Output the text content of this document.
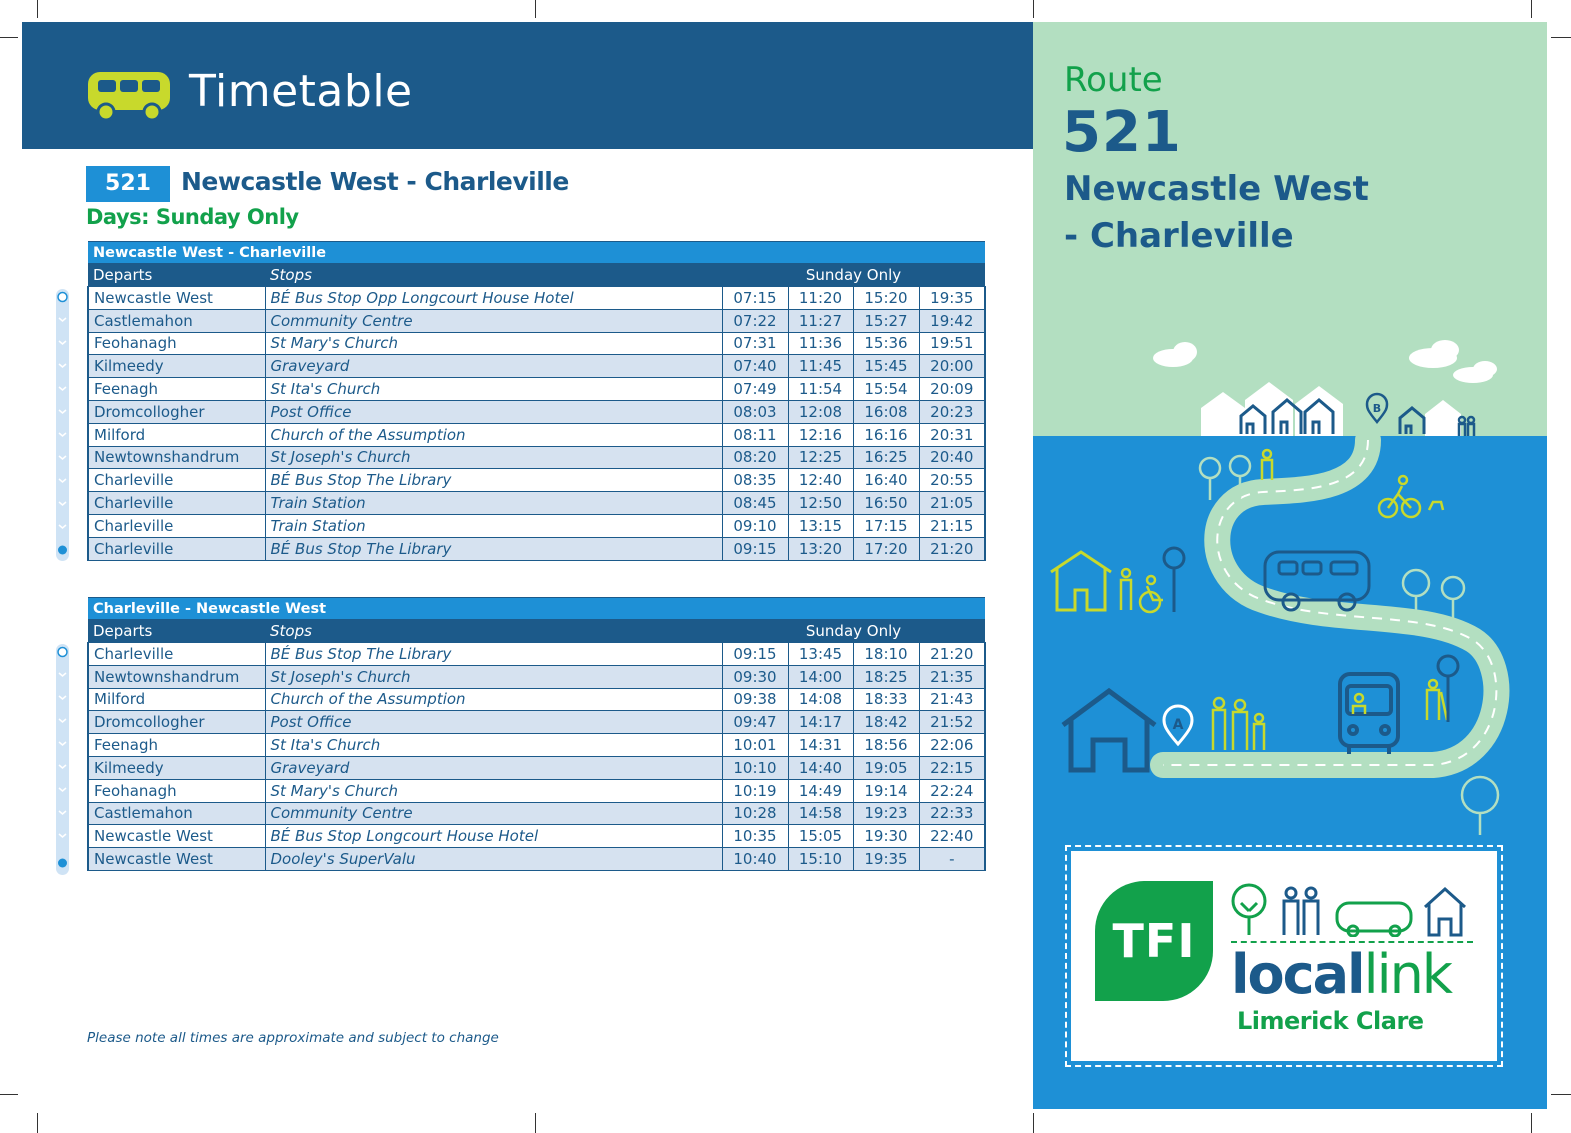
Timetable
521	Newcastle West - Charleville
Days: Sunday Only
Newcastle West - Charleville					
Departs	Stops	Sunday Only			
Newcastle West	BÉ Bus Stop Opp Longcourt House Hotel	07:15	11:20	15:20	19:35
Castlemahon	Community Centre	07:22	11:27	15:27	19:42
Feohanagh	St Mary's Church	07:31	11:36	15:36	19:51
Kilmeedy	Graveyard	07:40	11:45	15:45	20:00
Feenagh	St Ita's Church	07:49	11:54	15:54	20:09
Dromcollogher	Post Office	08:03	12:08	16:08	20:23
Milford	Church of the Assumption	08:11	12:16	16:16	20:31
Newtownshandrum	St Joseph's Church	08:20	12:25	16:25	20:40
Charleville	BÉ Bus Stop The Library	08:35	12:40	16:40	20:55
Charleville	Train Station	08:45	12:50	16:50	21:05
Charleville	Train Station	09:10	13:15	17:15	21:15
Charleville	BÉ Bus Stop The Library	09:15	13:20	17:20	21:20
Charleville - Newcastle West					
Departs	Stops	Sunday Only			
Charleville	BÉ Bus Stop The Library	09:15	13:45	18:10	21:20
Newtownshandrum	St Joseph's Church	09:30	14:00	18:25	21:35
Milford	Church of the Assumption	09:38	14:08	18:33	21:43
Dromcollogher	Post Office	09:47	14:17	18:42	21:52
Feenagh	St Ita's Church	10:01	14:31	18:56	22:06
Kilmeedy	Graveyard	10:10	14:40	19:05	22:15
Feohanagh	St Mary's Church	10:19	14:49	19:14	22:24
Castlemahon	Community Centre	10:28	14:58	19:23	22:33
Newcastle West	BÉ Bus Stop Longcourt House Hotel	10:35	15:05	19:30	22:40
Newcastle West	Dooley's SuperValu	10:40	15:10	19:35	-
Please note all times are approximate and subject to change
Route
521
Newcastle West - Charleville
B
A
TFI
locallink
Limerick Clare
